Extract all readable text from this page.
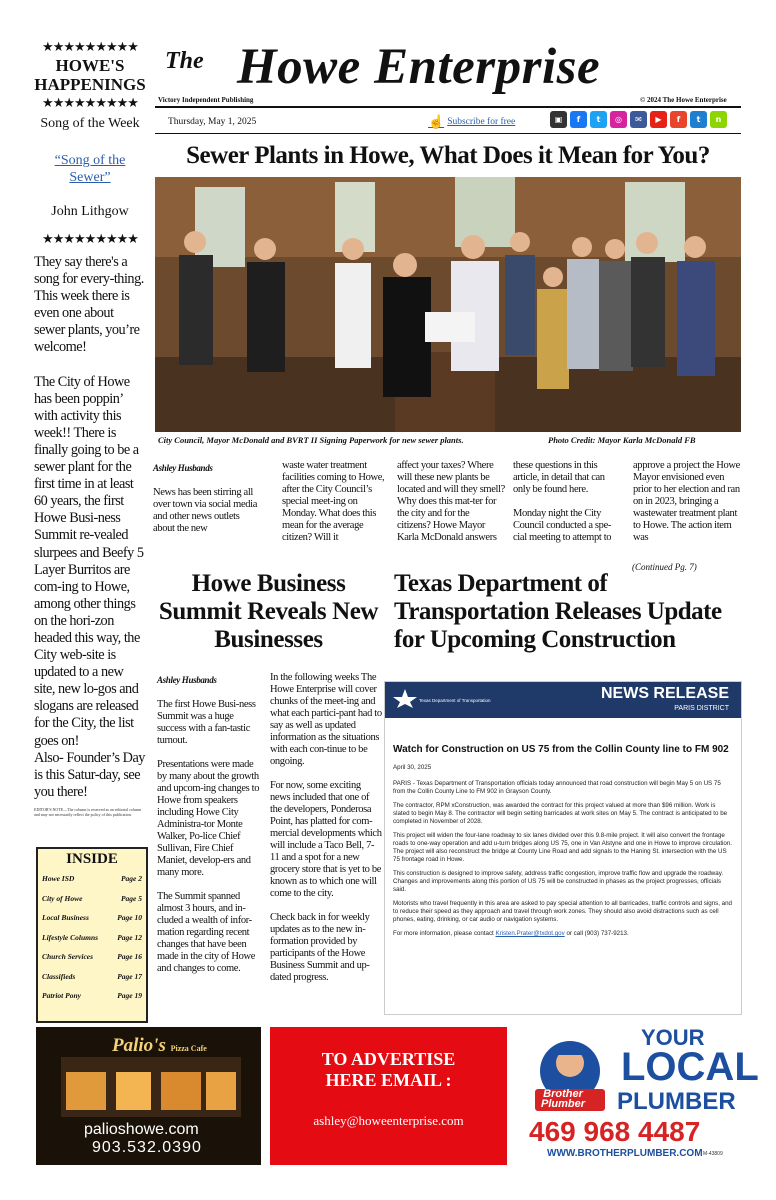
★★★★★★★★★
HOWE'S HAPPENINGS
★★★★★★★★★
Song of the Week
“Song of the Sewer”
John Lithgow
★★★★★★★★★

They say there's a song for every-thing. This week there is even one about sewer plants, you’re welcome!

The City of Howe has been poppin’ with activity this week!! There is finally going to be a sewer plant for the first time in at least 60 years, the first Howe Busi-ness Summit re-vealed slurpees and Beefy 5 Layer Burritos are com-ing to Howe, among other things on the hori-zon headed this way, the City web-site is updated to a new site, new lo-gos and slogans are released for the City, the list goes on!

Also- Founder’s Day is this Satur-day, see you there!

EDITOR'S NOTE—The column is reserved as an editorial column and may not necessarily reflect the policy of this publication.
INSIDE
Howe ISD	Page 2
City of Howe	Page 5
Local Business	Page 10
Lifestyle Columns	Page 12
Church Services	Page 16
Classifieds	Page 17
Patriot Pony	Page 19
The Howe Enterprise
Victory Independent Publishing	© 2024 The Howe Enterprise
Thursday, May 1, 2025	☝ Subscribe for free	▣	f	t	◎	✉	▶	f	t	n
Sewer Plants in Howe, What Does it Mean for You?
City Council, Mayor McDonald and BVRT II Signing Paperwork for new sewer plants.	Photo Credit: Mayor Karla McDonald FB
Ashley Husbands

News has been stirring all over town via social media and other news outlets about the new

waste water treatment facilities coming to Howe, after the City Council’s special meet-ing on Monday. What does this mean for the average citizen? Will it

affect your taxes? Where will these new plants be located and will they smell? Why does this mat-ter for the city and for the citizens? Howe Mayor Karla McDonald answers

these questions in this article, in detail that can only be found here.

Monday night the City Council conducted a spe-cial meeting to attempt to

approve a project the Howe Mayor envisioned even prior to her election and ran on in 2023, bringing a wastewater treatment plant to Howe. The action item was

(Continued Pg. 7)
Howe Business Summit Reveals New Businesses
Texas Department of Transportation Releases Update for Upcoming Construction
Ashley Husbands

The first Howe Busi-ness Summit was a huge success with a fan-tastic turnout.

Presentations were made by many about the growth and upcom-ing changes to Howe from speakers including Howe City Administra-tor Monte Walker, Po-lice Chief Sullivan, Fire Chief Maniet, develop-ers and many more.

The Summit spanned almost 3 hours, and in-cluded a wealth of infor-mation regarding recent changes that have been made in the city of Howe and changes to come.

In the following weeks The Howe Enterprise will cover chunks of the meet-ing and what each partici-pant had to say as well as updated information as the situations with each con-tinue to be ongoing.

For now, some exciting news included that one of the developers, Ponderosa Point, has platted for com-mercial developments which will include a Taco Bell, 7-11 and a spot for a new grocery store that is yet to be known as to which one will come to the city.

Check back in for weekly updates as to the new in-formation provided by participants of the Howe Business Summit and up-dated progress.

Texas Department of Transportation	NEWS RELEASE
PARIS DISTRICT
Watch for Construction on US 75 from the Collin County line to FM 902

April 30, 2025

PARIS - Texas Department of Transportation officials today announced that road construction will begin May 5 on US 75 from the Collin County Line to FM 902 in Grayson County.

The contractor, RPM xConstruction, was awarded the contract for this project valued at more than $96 million. Work is slated to begin May 8. The contractor will begin setting barricades at work sites on May 5. The contract is anticipated to be completed in November of 2028.

This project will widen the four-lane roadway to six lanes divided over this 9.8-mile project. It will also convert the frontage roads to one-way operation and add u-turn bridges along US 75, one in Van Alstyne and one in Howe to improve circulation. The project will also reconstruct the bridge at County Line Road and add signals to the Haning St. intersection with the US 75 frontage road in Howe.

This construction is designed to improve safety, address traffic congestion, improve traffic flow and upgrade the roadway. Changes and improvements along this portion of US 75 will be constructed in phases as the project progresses, officials said.

Motorists who travel frequently in this area are asked to pay special attention to all barricades, traffic controls and signs, and to reduce their speed as they approach and travel through work zones. They should also avoid distractions such as cell phones, eating, drinking, or car audio or navigation systems.

For more information, please contact Kristen.Prater@txdot.gov or call (903) 737-9213.

Palio's Pizza Cafe
palioshowe.com
903.532.0390
TO ADVERTISE
HERE EMAIL :
ashley@howeenterprise.com
Brother
Plumber
YOUR
LOCAL
PLUMBER
469 968 4487
WWW.BROTHERPLUMBER.COM M-43809
